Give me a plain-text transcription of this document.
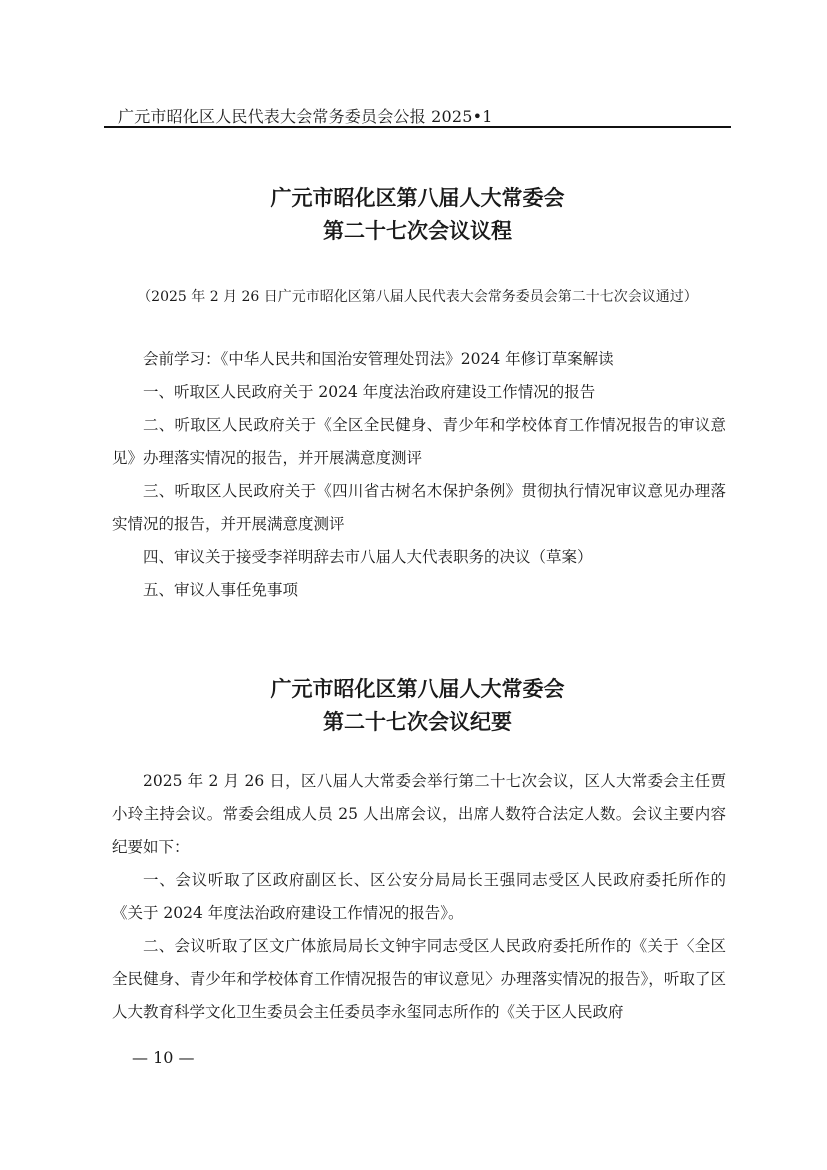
广元市昭化区人民代表大会常务委员会公报 2025•1
广元市昭化区第八届人大常委会
第二十七次会议议程
（2025 年 2 月 26 日广元市昭化区第八届人民代表大会常务委员会第二十七次会议通过）

会前学习：《中华人民共和国治安管理处罚法》2024 年修订草案解读

一、听取区人民政府关于 2024 年度法治政府建设工作情况的报告

二、听取区人民政府关于《全区全民健身、青少年和学校体育工作情况报告的审议意见》办理落实情况的报告，并开展满意度测评

三、听取区人民政府关于《四川省古树名木保护条例》贯彻执行情况审议意见办理落实情况的报告，并开展满意度测评

四、审议关于接受李祥明辞去市八届人大代表职务的决议（草案）

五、审议人事任免事项

广元市昭化区第八届人大常委会
第二十七次会议纪要

2025 年 2 月 26 日，区八届人大常委会举行第二十七次会议，区人大常委会主任贾小玲主持会议。常委会组成人员 25 人出席会议，出席人数符合法定人数。会议主要内容纪要如下：

一、会议听取了区政府副区长、区公安分局局长王强同志受区人民政府委托所作的《关于 2024 年度法治政府建设工作情况的报告》。

二、会议听取了区文广体旅局局长文钟宇同志受区人民政府委托所作的《关于〈全区全民健身、青少年和学校体育工作情况报告的审议意见〉办理落实情况的报告》，听取了区人大教育科学文化卫生委员会主任委员李永玺同志所作的《关于区人民政府

— 10 —
